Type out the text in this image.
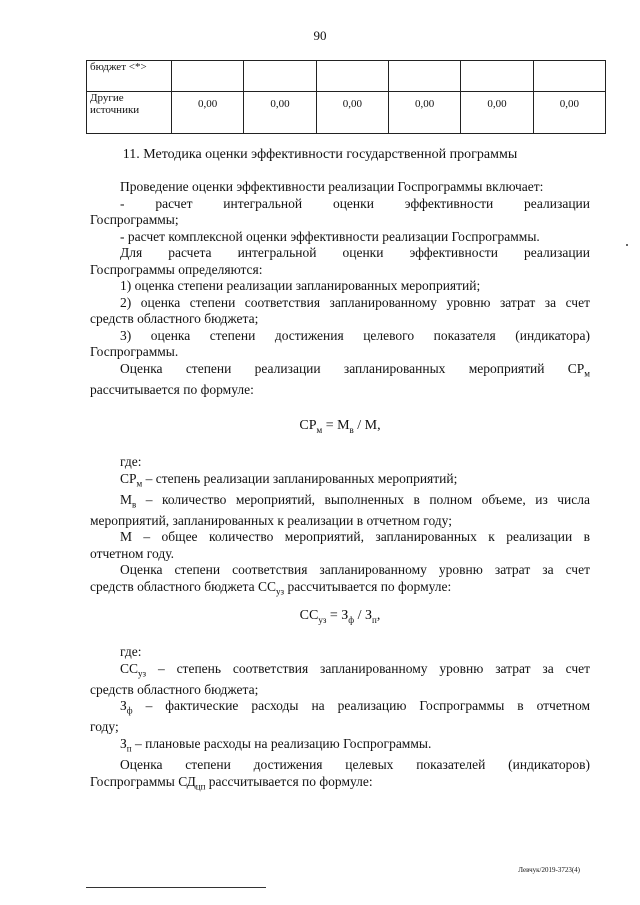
90
бюджет <*>						
Другие источники	0,00	0,00	0,00	0,00	0,00	0,00
11. Методика оценки эффективности государственной программы

Проведение оценки эффективности реализации Госпрограммы включает:

- расчет интегральной оценки эффективности реализации

Госпрограммы;

- расчет комплексной оценки эффективности реализации Госпрограммы.

Для расчета интегральной оценки эффективности реализации

Госпрограммы определяются:

1) оценка степени реализации запланированных мероприятий;

2) оценка степени соответствия запланированному уровню затрат за счет

средств областного бюджета;

3) оценка степени достижения целевого показателя (индикатора)

Госпрограммы.

Оценка степени реализации запланированных мероприятий $СР_м$

рассчитывается по формуле:

$СР_м = М_в / М$,

где:

$СР_м$ – степень реализации запланированных мероприятий;

$М_в$ – количество мероприятий, выполненных в полном объеме, из числа

мероприятий, запланированных к реализации в отчетном году;

М – общее количество мероприятий, запланированных к реализации в

отчетном году.

Оценка степени соответствия запланированному уровню затрат за счет

средств областного бюджета $СС_{уз}$ рассчитывается по формуле:

$СС_{уз} = З_ф / З_п$,

где:

$СС_{уз}$ – степень соответствия запланированному уровню затрат за счет

средств областного бюджета;

$З_ф$ – фактические расходы на реализацию Госпрограммы в отчетном

году;

$З_п$ – плановые расходы на реализацию Госпрограммы.

Оценка степени достижения целевых показателей (индикаторов)

Госпрограммы $СД_{цп}$ рассчитывается по формуле:

Левчук/2019-3723(4)
